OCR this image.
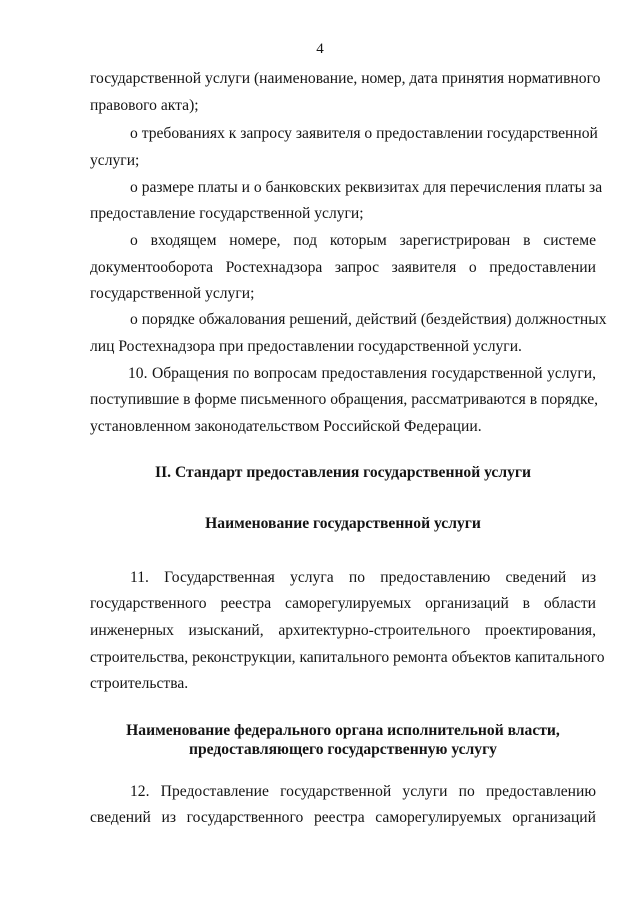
4
государственной услуги (наименование, номер, дата принятия нормативного
правового акта);
о требованиях к запросу заявителя о предоставлении государственной
услуги;
о размере платы и о банковских реквизитах для перечисления платы за
предоставление государственной услуги;
о входящем номере, под которым зарегистрирован в системе
документооборота Ростехнадзора запрос заявителя о предоставлении
государственной услуги;
о порядке обжалования решений, действий (бездействия) должностных
лиц Ростехнадзора при предоставлении государственной услуги.
10. Обращения по вопросам предоставления государственной услуги,
поступившие в форме письменного обращения, рассматриваются в порядке,
установленном законодательством Российской Федерации.
II. Стандарт предоставления государственной услуги
Наименование государственной услуги
11. Государственная услуга по предоставлению сведений из
государственного реестра саморегулируемых организаций в области
инженерных изысканий, архитектурно-строительного проектирования,
строительства, реконструкции, капитального ремонта объектов капитального
строительства.
Наименование федерального органа исполнительной власти,
предоставляющего государственную услугу
12. Предоставление государственной услуги по предоставлению
сведений из государственного реестра саморегулируемых организаций
